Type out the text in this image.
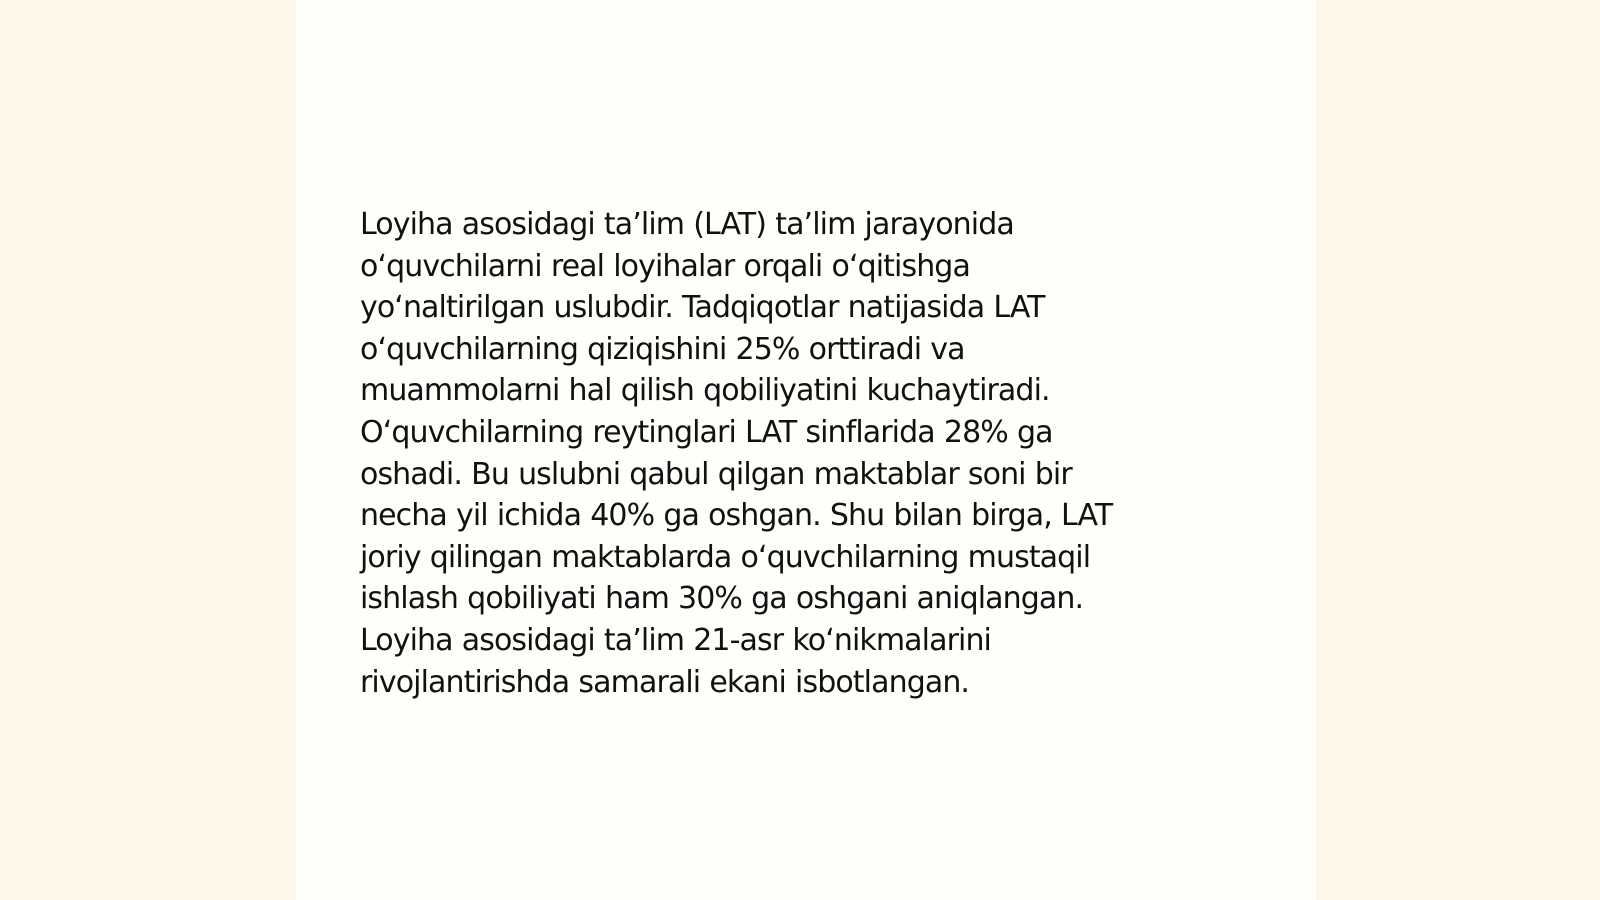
Loyiha asosidagi ta’lim (LAT) ta’lim jarayonida
o‘quvchilarni real loyihalar orqali o‘qitishga
yo‘naltirilgan uslubdir. Tadqiqotlar natijasida LAT
o‘quvchilarning qiziqishini 25% orttiradi va
muammolarni hal qilish qobiliyatini kuchaytiradi.
O‘quvchilarning reytinglari LAT sinflarida 28% ga
oshadi. Bu uslubni qabul qilgan maktablar soni bir
necha yil ichida 40% ga oshgan. Shu bilan birga, LAT
joriy qilingan maktablarda o‘quvchilarning mustaqil
ishlash qobiliyati ham 30% ga oshgani aniqlangan.
Loyiha asosidagi ta’lim 21-asr ko‘nikmalarini
rivojlantirishda samarali ekani isbotlangan.
